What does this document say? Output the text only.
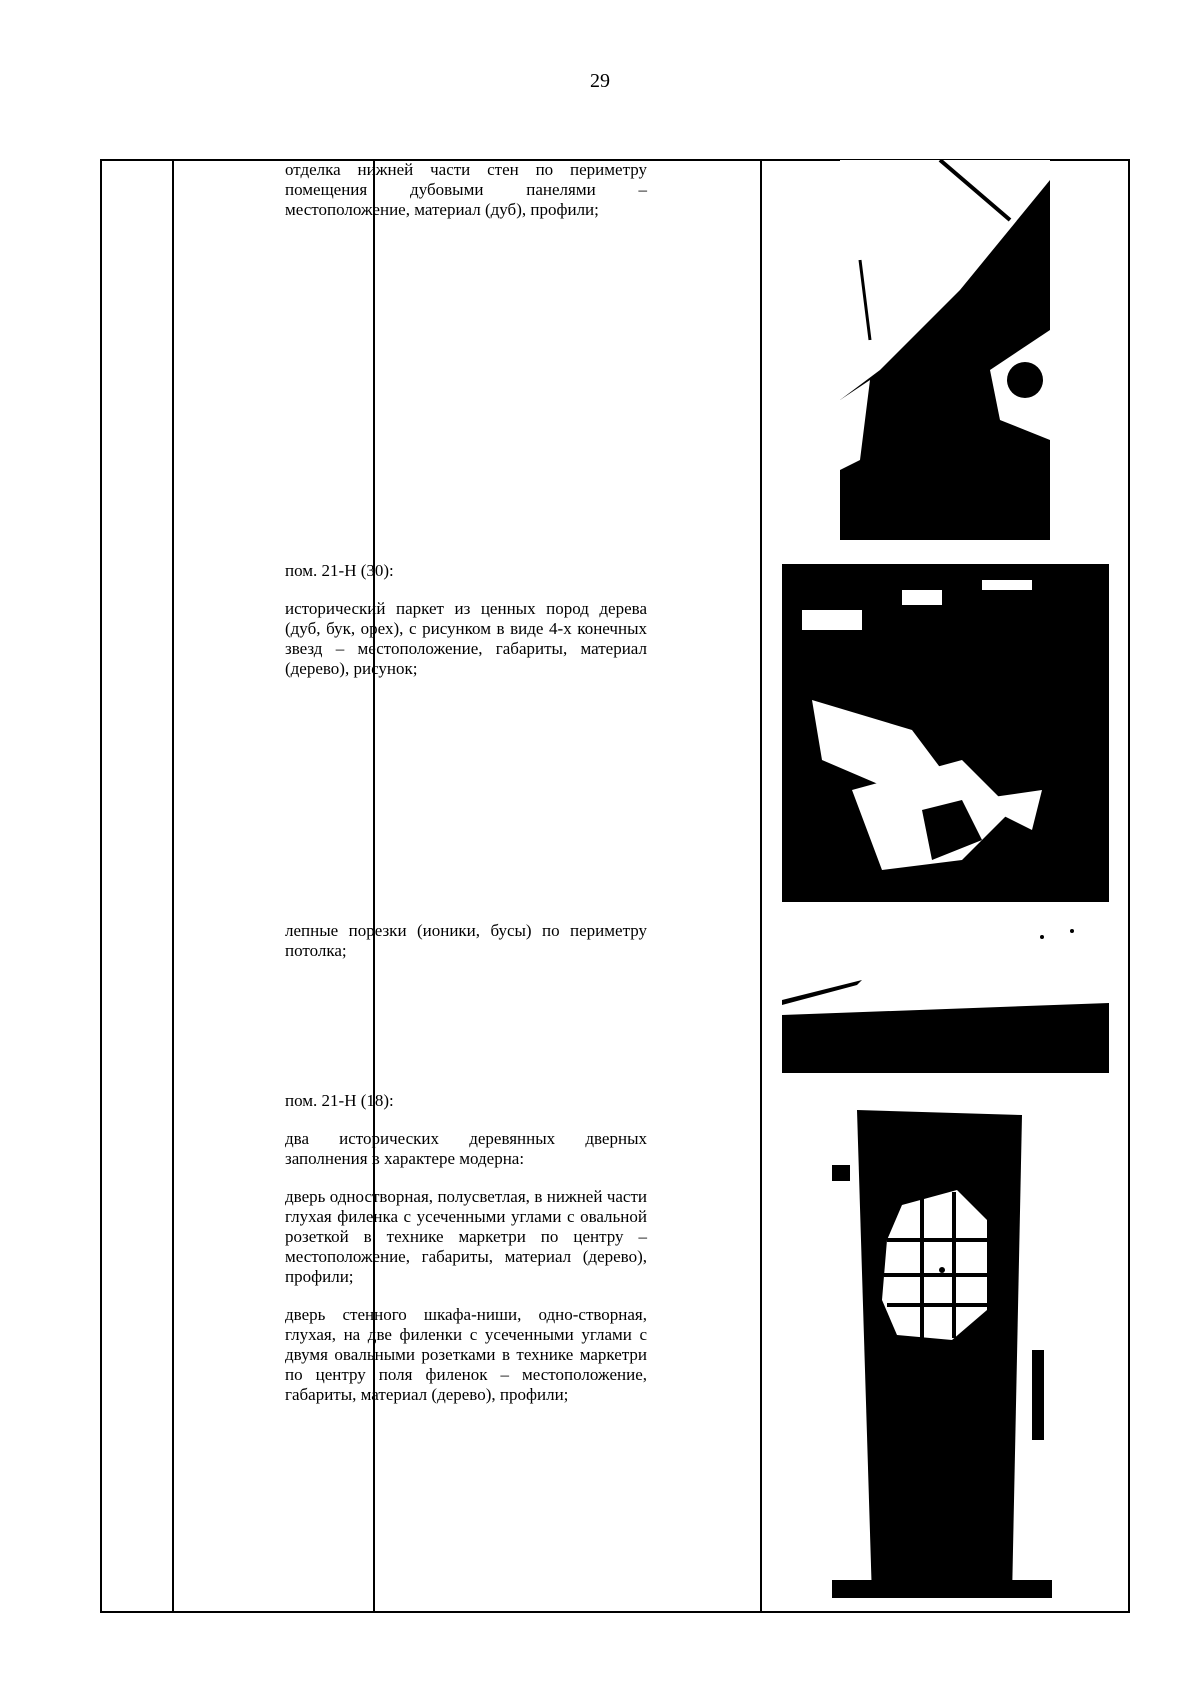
29

отделка нижней части стен по периметру помещения дубовыми панелями – местоположение, материал (дуб), профили;

пом. 21-Н (30):

исторический паркет из ценных пород дерева (дуб, бук, орех), с рисунком в виде 4-х конечных звезд – местоположение, габариты, материал (дерево), рисунок;

лепные порезки (ионики, бусы) по периметру потолка;

пом. 21-Н (18):

два исторических деревянных дверных заполнения в характере модерна:

дверь одностворная, полусветлая, в нижней части глухая филенка с усеченными углами с овальной розеткой в технике маркетри по центру – местоположение, габариты, материал (дерево), профили;

дверь стенного шкафа-ниши, одно-створная, глухая, на две филенки с усеченными углами с двумя овальными розетками в технике маркетри по центру поля филенок – местоположение, габариты, материал (дерево), профили;
